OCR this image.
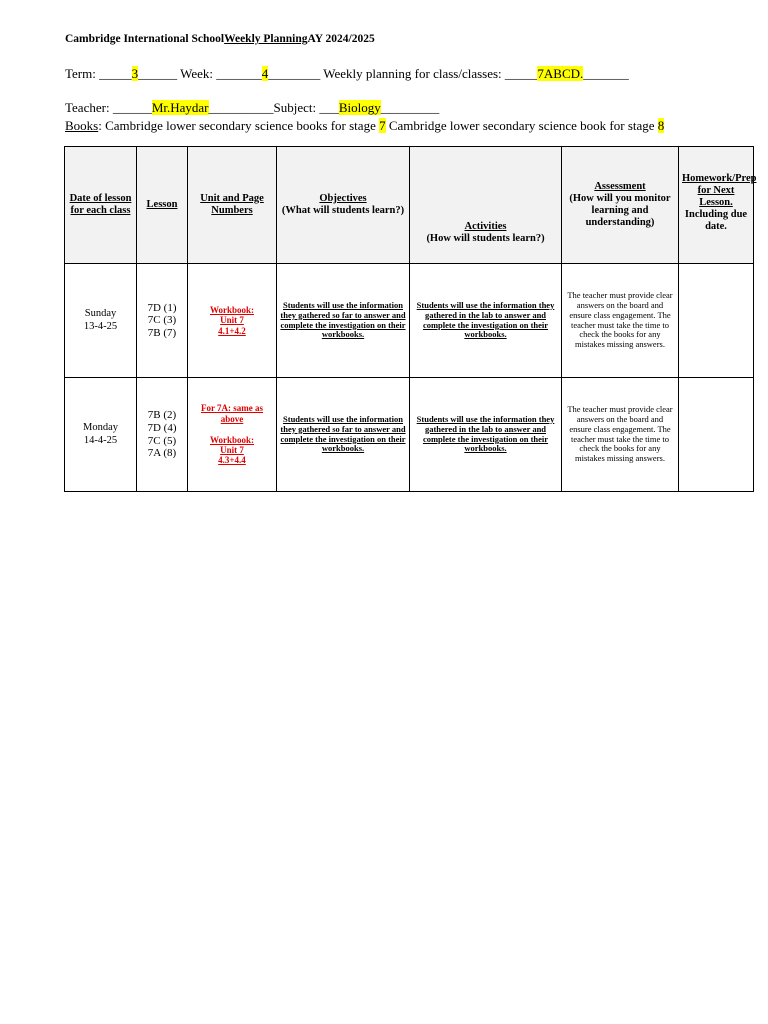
Cambridge International SchoolWeekly PlanningAY 2024/2025
Term: _____3______ Week: _______4________ Weekly planning for class/classes: _____7ABCD._______
Teacher: ______Mr.Haydar__________Subject: ___Biology_________
Books: Cambridge lower secondary science books for stage 7 Cambridge lower secondary science book for stage 8
Date of lesson for each class	Lesson	Unit and Page Numbers	Objectives
(What will students learn?)	Activities
(How will students learn?)	Assessment
(How will you monitor learning and understanding)	Homework/Prep for Next Lesson.
Including due date.
Sunday
13-4-25	7D (1)
7C (3)
7B (7)	Workbook:
Unit 7
4.1+4.2	Students will use the information they gathered so far to answer and complete the investigation on their workbooks.	Students will use the information they gathered in the lab to answer and complete the investigation on their workbooks.	The teacher must provide clear answers on the board and ensure class engagement. The teacher must take the time to check the books for any mistakes missing answers.	
Monday
14-4-25	7B (2)
7D (4)
7C (5)
7A (8)	For 7A: same as above

Workbook:
Unit 7
4.3+4.4	Students will use the information they gathered so far to answer and complete the investigation on their workbooks.	Students will use the information they gathered in the lab to answer and complete the investigation on their workbooks.	The teacher must provide clear answers on the board and ensure class engagement. The teacher must take the time to check the books for any mistakes missing answers.	
